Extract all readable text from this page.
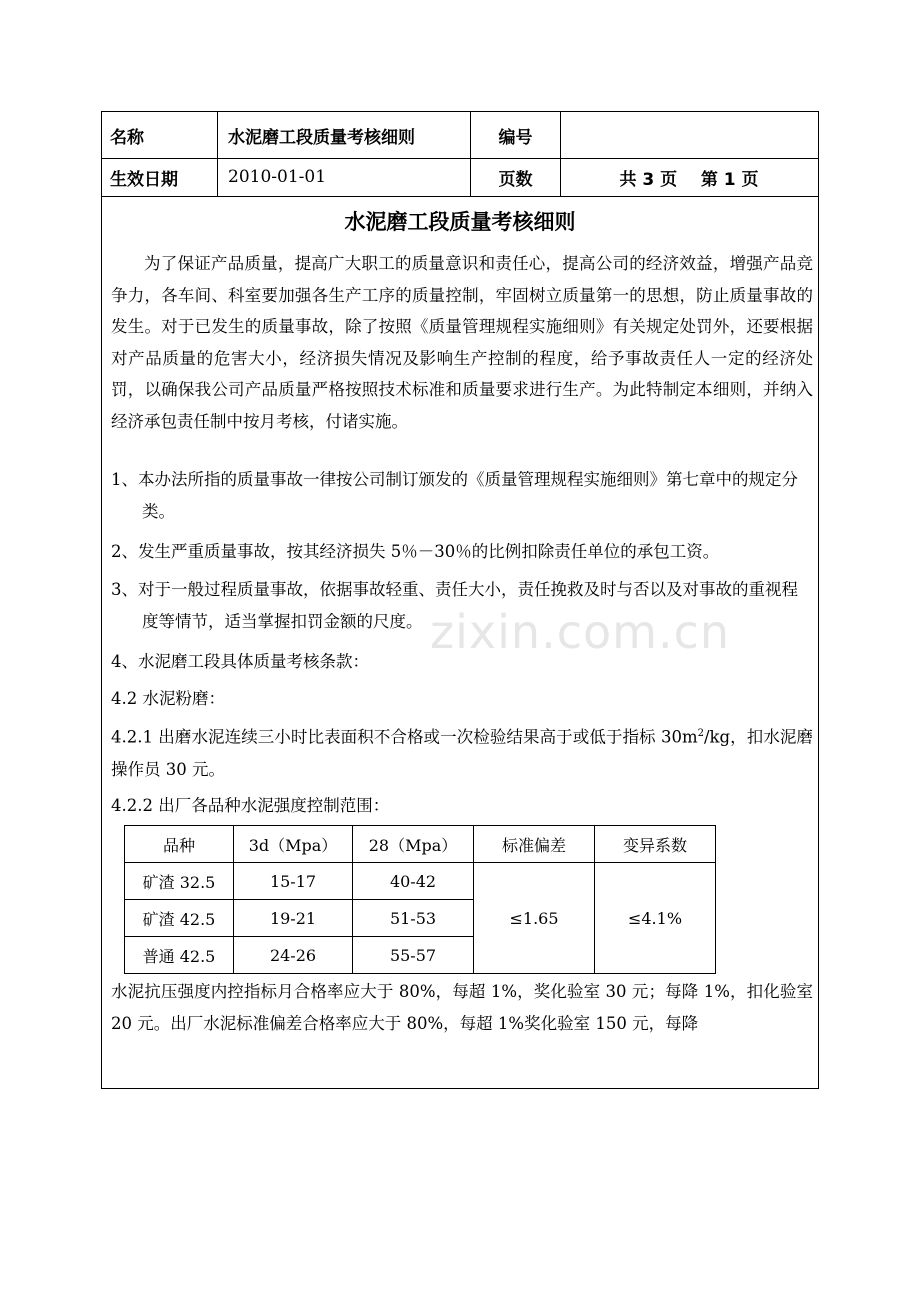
名称	水泥磨工段质量考核细则	编号
生效日期	2010-01-01	页数	共 3 页    第 1 页
水泥磨工段质量考核细则

为了保证产品质量，提高广大职工的质量意识和责任心，提高公司的经济效益，增强产品竞争力，各车间、科室要加强各生产工序的质量控制，牢固树立质量第一的思想，防止质量事故的发生。对于已发生的质量事故，除了按照《质量管理规程实施细则》有关规定处罚外，还要根据对产品质量的危害大小，经济损失情况及影响生产控制的程度，给予事故责任人一定的经济处罚，以确保我公司产品质量严格按照技术标准和质量要求进行生产。为此特制定本细则，并纳入经济承包责任制中按月考核，付诸实施。

1、本办法所指的质量事故一律按公司制订颁发的《质量管理规程实施细则》第七章中的规定分类。

2、发生严重质量事故，按其经济损失 5％－30％的比例扣除责任单位的承包工资。

3、对于一般过程质量事故，依据事故轻重、责任大小，责任挽救及时与否以及对事故的重视程度等情节，适当掌握扣罚金额的尺度。

4、水泥磨工段具体质量考核条款：

4.2 水泥粉磨：

4.2.1 出磨水泥连续三小时比表面积不合格或一次检验结果高于或低于指标 $30m^2/kg$，扣水泥磨操作员 30 元。

4.2.2 出厂各品种水泥强度控制范围：

品种	3d（Mpa）	28（Mpa）	标准偏差	变异系数
矿渣 32.5	15-17	40-42	≤1.65	≤4.1%
矿渣 42.5	19-21	51-53		
普通 42.5	24-26	55-57		

水泥抗压强度内控指标月合格率应大于 80%，每超 1%，奖化验室 30 元；每降 1%，扣化验室 20 元。出厂水泥标准偏差合格率应大于 80%，每超 1%奖化验室 150 元，每降

zixin.com.cn
